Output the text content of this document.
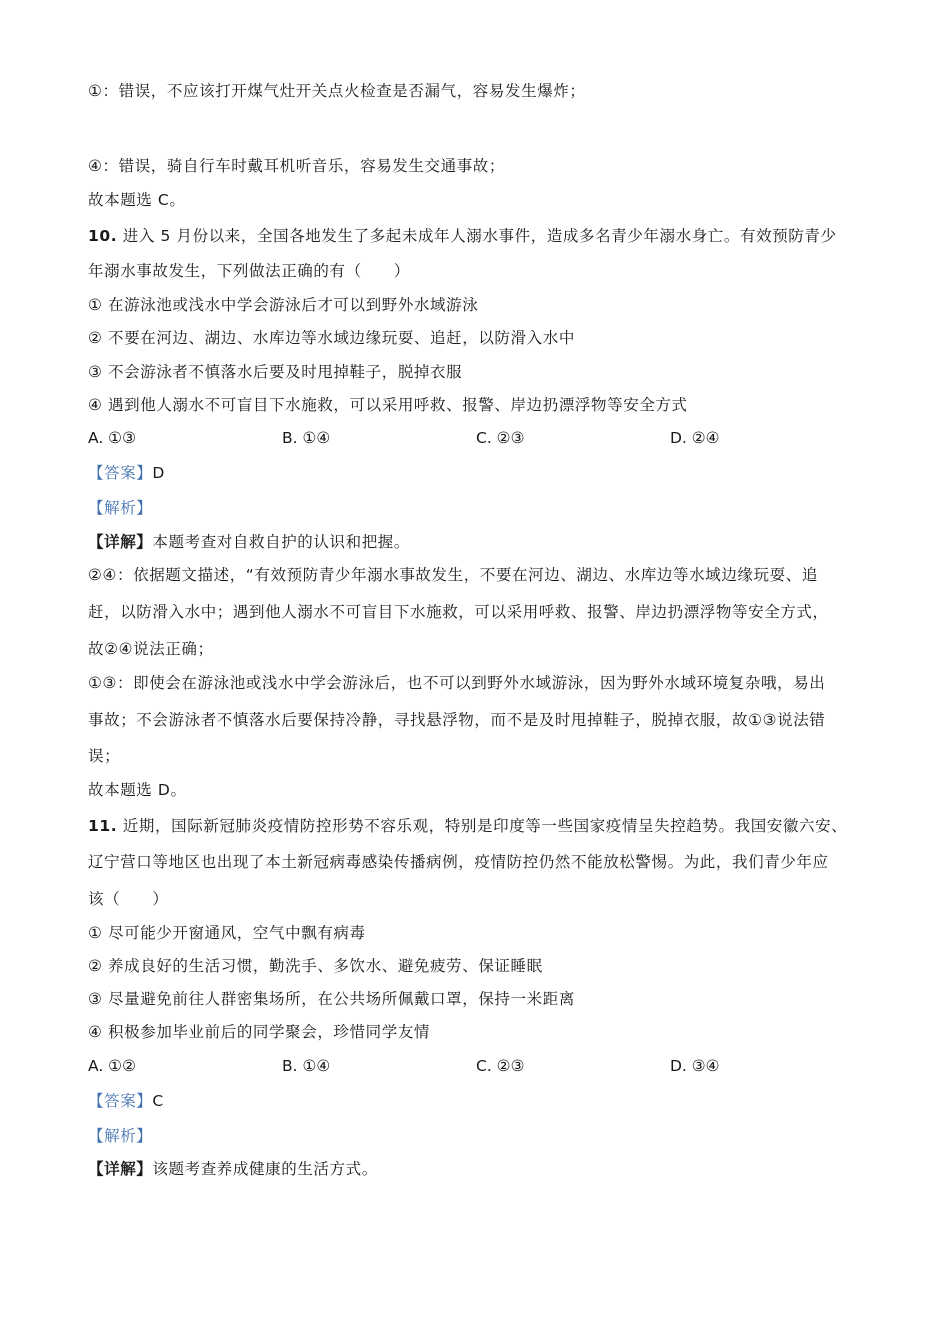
①：错误，不应该打开煤气灶开关点火检查是否漏气，容易发生爆炸；
④：错误，骑自行车时戴耳机听音乐，容易发生交通事故；
故本题选 C。
10. 进入 5 月份以来，全国各地发生了多起未成年人溺水事件，造成多名青少年溺水身亡。有效预防青少
年溺水事故发生，下列做法正确的有（　　）
① 在游泳池或浅水中学会游泳后才可以到野外水域游泳
② 不要在河边、湖边、水库边等水域边缘玩耍、追赶，以防滑入水中
③ 不会游泳者不慎落水后要及时甩掉鞋子，脱掉衣服
④ 遇到他人溺水不可盲目下水施救，可以采用呼救、报警、岸边扔漂浮物等安全方式
A. ①③	B. ①④	C. ②③	D. ②④
【答案】D
【解析】
【详解】本题考查对自救自护的认识和把握。
②④：依据题文描述，“有效预防青少年溺水事故发生，不要在河边、湖边、水库边等水域边缘玩耍、追
赶，以防滑入水中；遇到他人溺水不可盲目下水施救，可以采用呼救、报警、岸边扔漂浮物等安全方式，
故②④说法正确；
①③：即使会在游泳池或浅水中学会游泳后，也不可以到野外水域游泳，因为野外水域环境复杂哦，易出
事故；不会游泳者不慎落水后要保持冷静，寻找悬浮物，而不是及时甩掉鞋子，脱掉衣服，故①③说法错
误；
故本题选 D。
11. 近期，国际新冠肺炎疫情防控形势不容乐观，特别是印度等一些国家疫情呈失控趋势。我国安徽六安、
辽宁营口等地区也出现了本土新冠病毒感染传播病例，疫情防控仍然不能放松警惕。为此，我们青少年应
该（　　）
① 尽可能少开窗通风，空气中飘有病毒
② 养成良好的生活习惯，勤洗手、多饮水、避免疲劳、保证睡眠
③ 尽量避免前往人群密集场所，在公共场所佩戴口罩，保持一米距离
④ 积极参加毕业前后的同学聚会，珍惜同学友情
A. ①②	B. ①④	C. ②③	D. ③④
【答案】C
【解析】
【详解】该题考查养成健康的生活方式。
